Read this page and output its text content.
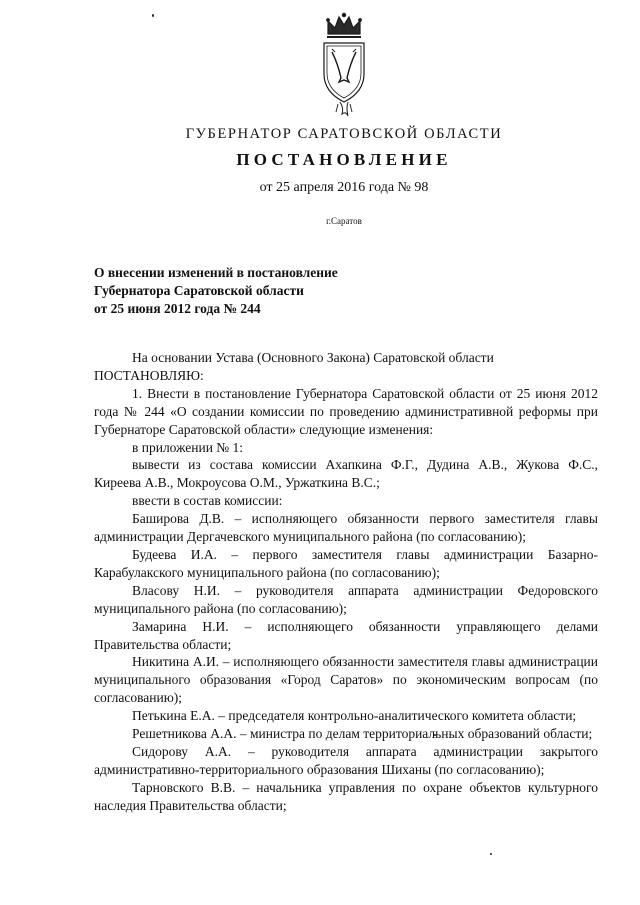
ГУБЕРНАТОР САРАТОВСКОЙ ОБЛАСТИ
ПОСТАНОВЛЕНИЕ
от 25 апреля 2016 года № 98
г.Саратов
О внесении изменений в постановление
Губернатора Саратовской области
от 25 июня 2012 года № 244

На основании Устава (Основного Закона) Саратовской области

ПОСТАНОВЛЯЮ:

1. Внести в постановление Губернатора Саратовской области от 25 июня 2012 года № 244 «О создании комиссии по проведению административной реформы при Губернаторе Саратовской области» следующие изменения:

в приложении № 1:

вывести из состава комиссии Ахапкина Ф.Г., Дудина А.В., Жукова Ф.С., Киреева А.В., Мокроусова О.М., Уржаткина В.С.;

ввести в состав комиссии:

Баширова Д.В. – исполняющего обязанности первого заместителя главы администрации Дергачевского муниципального района (по согласованию);

Будеева И.А. – первого заместителя главы администрации Базарно-Карабулакского муниципального района (по согласованию);

Власову Н.И. – руководителя аппарата администрации Федоровского муниципального района (по согласованию);

Замарина Н.И. – исполняющего обязанности управляющего делами Правительства области;

Никитина А.И. – исполняющего обязанности заместителя главы администрации муниципального образования «Город Саратов» по экономическим вопросам (по согласованию);

Петькина Е.А. – председателя контрольно-аналитического комитета области;

Решетникова А.А. – министра по делам территориальных образований области;

Сидорову А.А. – руководителя аппарата администрации закрытого административно-территориального образования Шиханы (по согласованию);

Тарновского В.В. – начальника управления по охране объектов культурного наследия Правительства области;
